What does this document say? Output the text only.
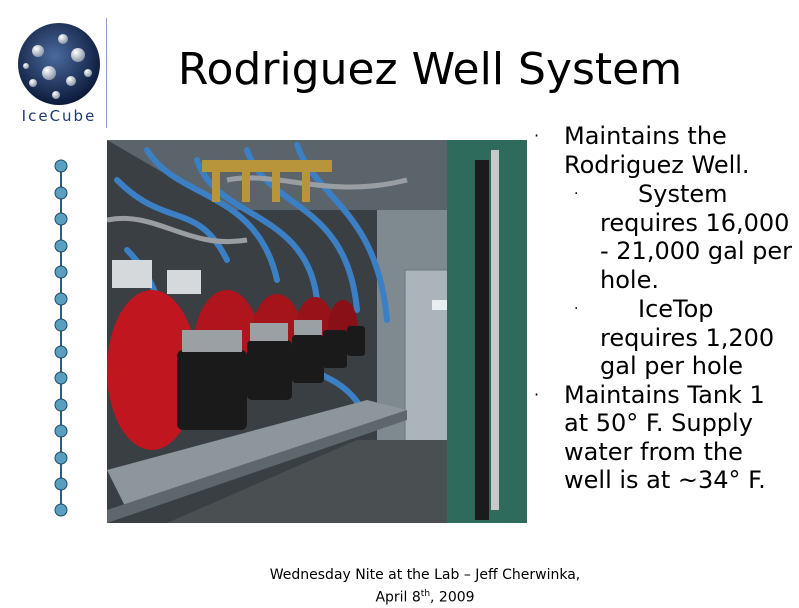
IceCube
Rodriguez Well System
· Maintains the Rodriguez Well.
· System requires 16,000 - 21,000 gal per hole.
· IceTop requires 1,200 gal per hole
· Maintains Tank 1 at 50° F. Supply water from the well is at ~34° F.
Wednesday Nite at the Lab – Jeff Cherwinka,
April 8th, 2009
